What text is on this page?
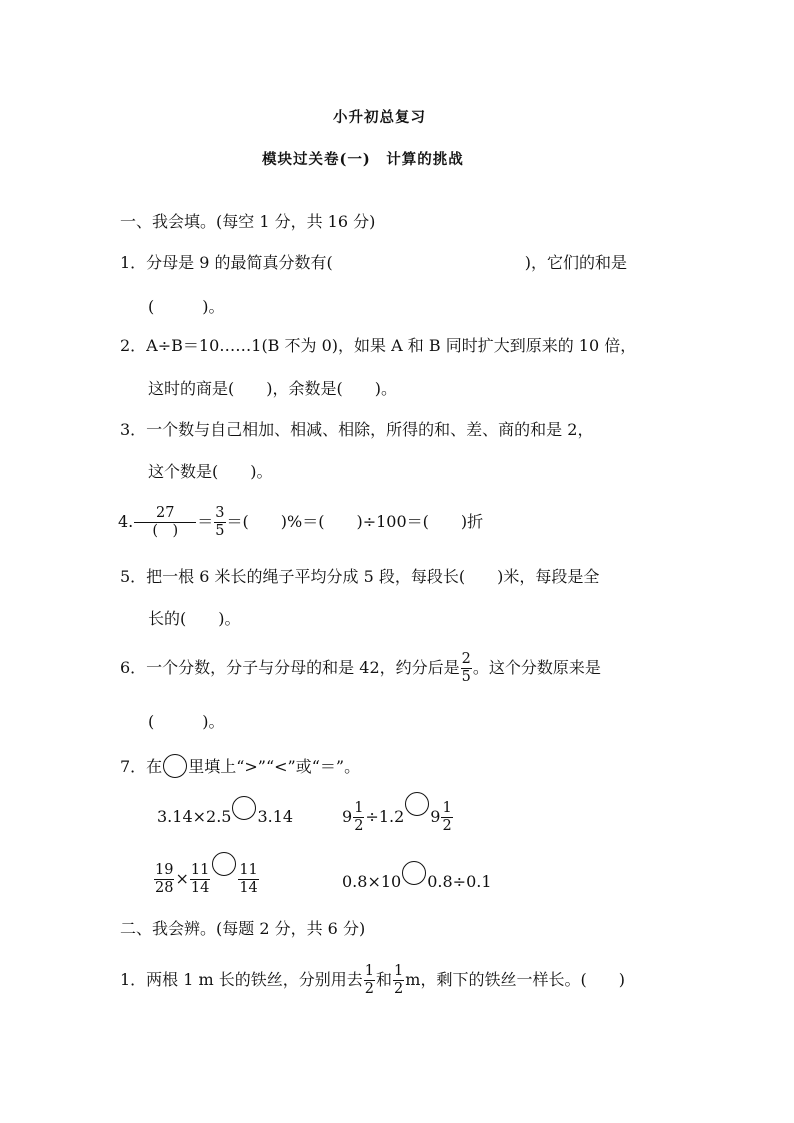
小升初总复习
模块过关卷(一)　计算的挑战
一、我会填。(每空 1 分，共 16 分)
1．分母是 9 的最简真分数有(	)，它们的和是
(　　　)。
2．A÷B＝10……1(B 不为 0)，如果 A 和 B 同时扩大到原来的 10 倍，
这时的商是(　　)，余数是(　　)。
3．一个数与自己相加、相减、相除，所得的和、差、商的和是 2，
这个数是(　　)。
4. $\frac{27}{( )} = \frac{3}{5}$ ＝(　　)%＝(　　)÷100＝(　　)折
5．把一根 6 米长的绳子平均分成 5 段，每段长(　　)米，每段是全
长的(　　)。
6．一个分数，分子与分母的和是 42，约分后是 $\frac{2}{5}$ 。这个分数原来是
(　　　)。
7．在 里填上“>”“<”或“＝”。
3.14×2.5 3.14	$9 \frac{1}{2} \div 1.2$ $9 \frac{1}{2}$
$\frac{19}{28} \times \frac{11}{14} \frac{11}{14}$	0.8×10 0.8÷0.1
二、我会辨。(每题 2 分，共 6 分)
1．两根 1 m 长的铁丝，分别用去 $\frac{1}{2}$ 和 $\frac{1}{2}$ m，剩下的铁丝一样长。(　　)
